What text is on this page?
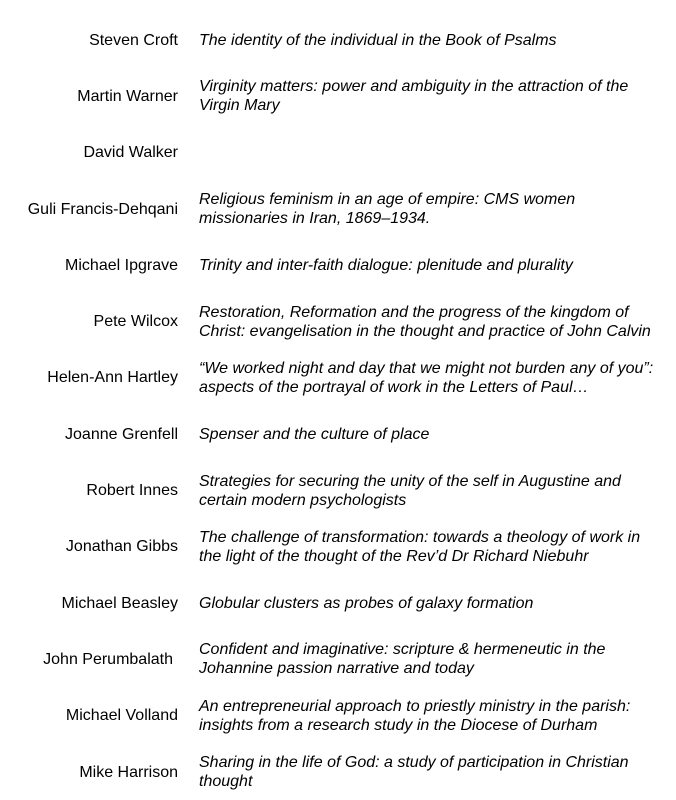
Steven Croft The identity of the individual in the Book of Psalms
Martin Warner
Virginity matters: power and ambiguity in the attraction of the Virgin Mary
David Walker
Guli Francis-Dehqani
Religious feminism in an age of empire: CMS women missionaries in Iran, 1869–1934.
Michael Ipgrave Trinity and inter-faith dialogue: plenitude and plurality
Pete Wilcox
Restoration, Reformation and the progress of the kingdom of Christ: evangelisation in the thought and practice of John Calvin
Helen-Ann Hartley
“We worked night and day that we might not burden any of you”: aspects of the portrayal of work in the Letters of Paul…
Joanne Grenfell Spenser and the culture of place
Robert Innes
Strategies for securing the unity of the self in Augustine and certain modern psychologists
Jonathan Gibbs
The challenge of transformation: towards a theology of work in the light of the thought of the Rev’d Dr Richard Niebuhr
Michael Beasley Globular clusters as probes of galaxy formation
John Perumbalath
Confident and imaginative: scripture & hermeneutic in the Johannine passion narrative and today
Michael Volland
An entrepreneurial approach to priestly ministry in the parish: insights from a research study in the Diocese of Durham
Mike Harrison
Sharing in the life of God: a study of participation in Christian thought
